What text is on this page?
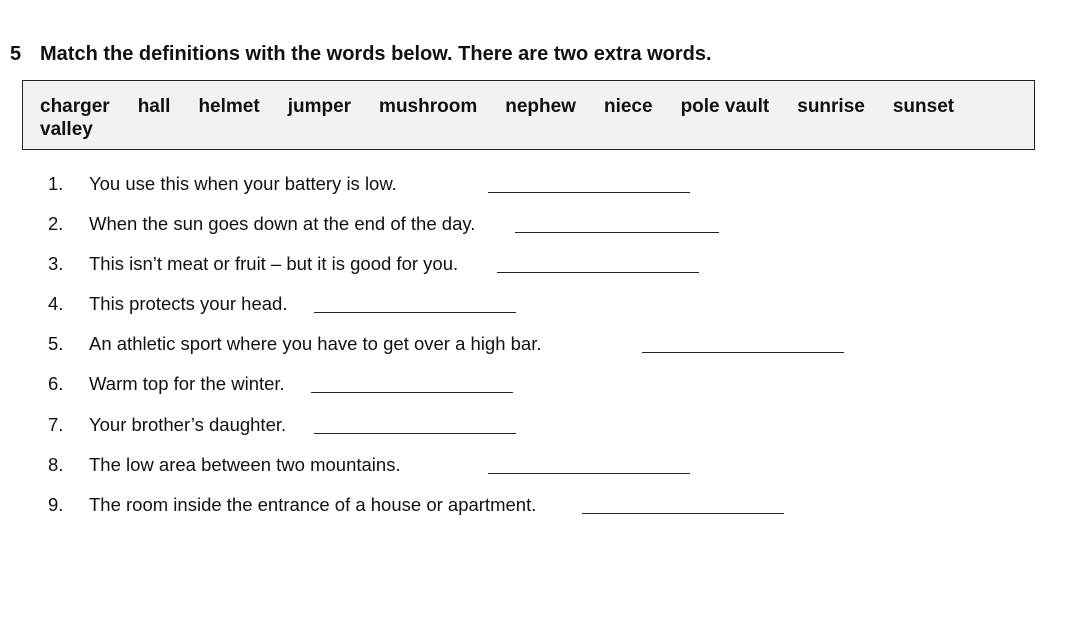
5 Match the definitions with the words below. There are two extra words.
charger hall helmet jumper mushroom nephew niece pole vault sunrise sunset
valley
1. You use this when your battery is low.
2. When the sun goes down at the end of the day.
3. This isn’t meat or fruit – but it is good for you.
4. This protects your head.
5. An athletic sport where you have to get over a high bar.
6. Warm top for the winter.
7. Your brother’s daughter.
8. The low area between two mountains.
9. The room inside the entrance of a house or apartment.
